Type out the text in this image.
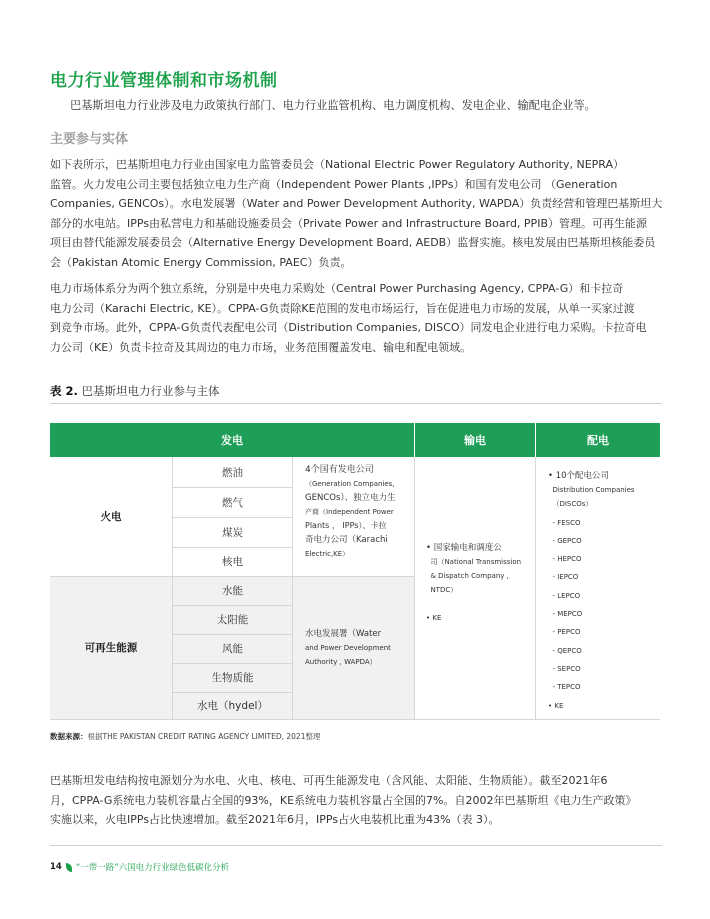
电力行业管理体制和市场机制
巴基斯坦电力行业涉及电力政策执行部门、电力行业监管机构、电力调度机构、发电企业、输配电企业等。
主要参与实体
如下表所示，巴基斯坦电力行业由国家电力监管委员会（National Electric Power Regulatory Authority, NEPRA）
监管。火力发电公司主要包括独立电力生产商（Independent Power Plants ,IPPs）和国有发电公司 （Generation
Companies, GENCOs）。水电发展署（Water and Power Development Authority, WAPDA）负责经营和管理巴基斯坦大
部分的水电站。IPPs由私营电力和基础设施委员会（Private Power and Infrastructure Board, PPIB）管理。可再生能源
项目由替代能源发展委员会（Alternative Energy Development Board, AEDB）监督实施。核电发展由巴基斯坦核能委员
会（Pakistan Atomic Energy Commission, PAEC）负责。
电力市场体系分为两个独立系统，分别是中央电力采购处（Central Power Purchasing Agency, CPPA-G）和卡拉奇
电力公司（Karachi Electric, KE）。CPPA-G负责除KE范围的发电市场运行，旨在促进电力市场的发展，从单一买家过渡
到竞争市场。此外，CPPA-G负责代表配电公司（Distribution Companies, DISCO）同发电企业进行电力采购。卡拉奇电
力公司（KE）负责卡拉奇及其周边的电力市场，业务范围覆盖发电、输电和配电领域。
表 2. 巴基斯坦电力行业参与主体
发电	输电	配电
火电
可再生能源
燃油
燃气
煤炭
核电
水能
太阳能
风能
生物质能
水电（hydel）
4个国有发电公司
（Generation Companies,
GENCOs）、独立电力生
产商（Independent Power
Plants ， IPPs）、卡拉
奇电力公司（Karachi
Electric,KE）
水电发展署（Water
and Power Development
Authority , WAPDA）
• 国家输电和调度公
司（National Transmission
& Dispatch Company ,
NTDC）
• KE
• 10个配电公司
Distribution Companies
（DISCOs）
- FESCO
- GEPCO
- HEPCO
- IEPCO
- LEPCO
- MEPCO
- PEPCO
- QEPCO
- SEPCO
- TEPCO
• KE
数据来源：根据THE PAKISTAN CREDIT RATING AGENCY LIMITED, 2021整理
巴基斯坦发电结构按电源划分为水电、火电、核电、可再生能源发电（含风能、太阳能、生物质能）。截至2021年6
月，CPPA-G系统电力装机容量占全国的93%，KE系统电力装机容量占全国的7%。自2002年巴基斯坦《电力生产政策》
实施以来，火电IPPs占比快速增加。截至2021年6月，IPPs占火电装机比重为43%（表 3）。
14 “一带一路”六国电力行业绿色低碳化分析
